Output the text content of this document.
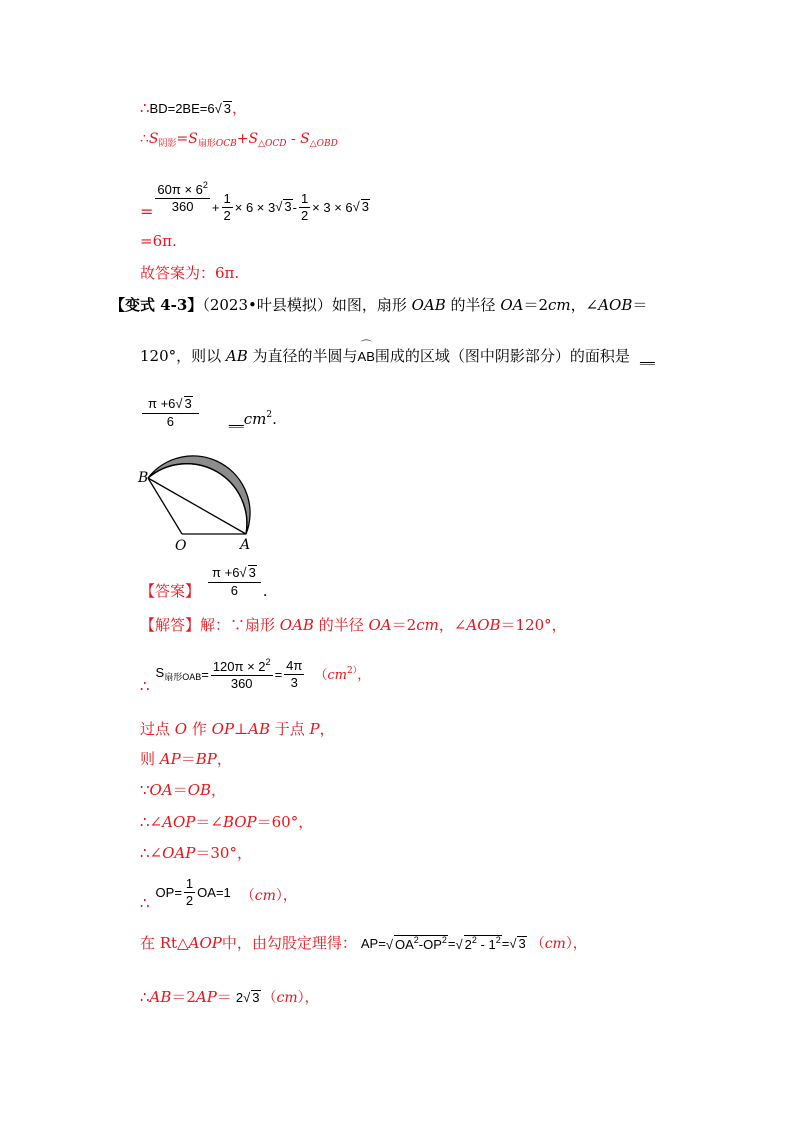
∴BD=2BE=6√ 3，
$\therefore S_{阴影}=S_{扇形OCB}+S_{\triangle OCD} - S_{\triangle OBD}$
= $\frac{60\pi \times 6^2}{360} + \frac{1}{2} \times 6 \times 3$ √ $3 - \frac{1}{2} \times 3 \times 6$ √ 3
=6π.
故答案为：6π.
【变式 4-3】（2023•叶县模拟）如图，扇形 OAB 的半径 OA＝2cm，∠AOB＝
120°，则以 AB 为直径的半圆与
⌒
AB围成的区域（图中阴影部分）的面积是 __
$\frac{\pi +6√ 3}{6}$ __ cm 2 .
B
O	A
【答案】 $\frac{\pi +6√ 3}{6}$ .
【解答】解：∵扇形 OAB 的半径 OA＝2cm，∠AOB＝120°，
∴
$S_{扇形OAB} = \frac{120\pi \times 2^2}{360} = \frac{4\pi}{3} (cm^{2)}$，
过点 O 作 OP⊥AB 于点 P，
则 AP＝BP，
∵OA＝OB，
∴∠AOP＝∠BOP＝60°，
∴∠OAP＝30°，
∴
$OP= \frac{1}{2} OA=1$ （cm），
在 Rt△ AOP 中，由勾股定理得： AP= √ $OA^2-OP^2$ = √ $2^2 - 1^2$ = √ 3 （cm），
∴ AB ＝2 AP ＝ 2√ 3 （cm），
